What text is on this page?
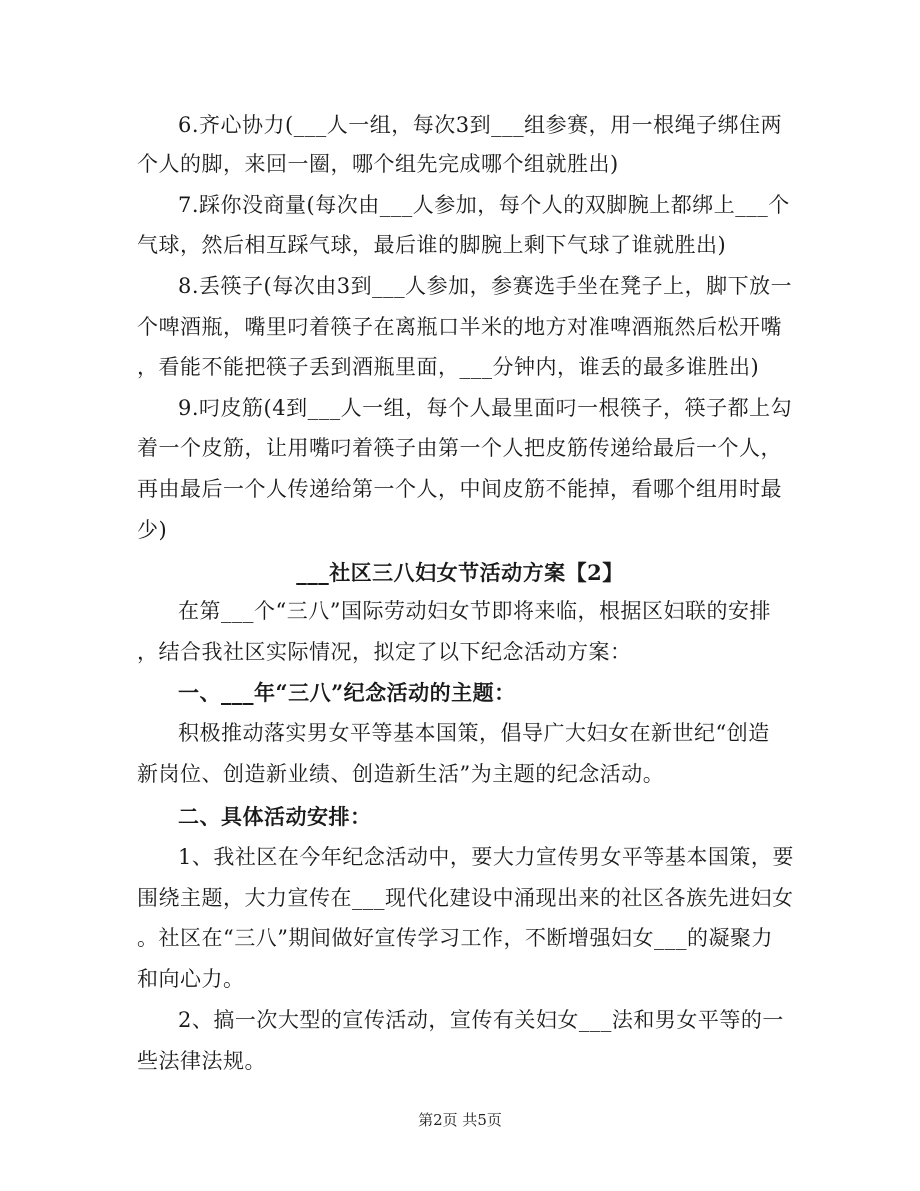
6.齐心协力(___人一组，每次3到___组参赛，用一根绳子绑住两
个人的脚，来回一圈，哪个组先完成哪个组就胜出)
7.踩你没商量(每次由___人参加，每个人的双脚腕上都绑上___个
气球，然后相互踩气球，最后谁的脚腕上剩下气球了谁就胜出)
8.丢筷子(每次由3到___人参加，参赛选手坐在凳子上，脚下放一
个啤酒瓶，嘴里叼着筷子在离瓶口半米的地方对准啤酒瓶然后松开嘴
，看能不能把筷子丢到酒瓶里面，___分钟内，谁丢的最多谁胜出)
9.叼皮筋(4到___人一组，每个人最里面叼一根筷子，筷子都上勾
着一个皮筋，让用嘴叼着筷子由第一个人把皮筋传递给最后一个人，
再由最后一个人传递给第一个人，中间皮筋不能掉，看哪个组用时最
少)
___社区三八妇女节活动方案【2】
在第___个“三八”国际劳动妇女节即将来临，根据区妇联的安排
，结合我社区实际情况，拟定了以下纪念活动方案：
一、___年“三八”纪念活动的主题：
积极推动落实男女平等基本国策，倡导广大妇女在新世纪“创造
新岗位、创造新业绩、创造新生活”为主题的纪念活动。
二、具体活动安排：
1、我社区在今年纪念活动中，要大力宣传男女平等基本国策，要
围绕主题，大力宣传在___现代化建设中涌现出来的社区各族先进妇女
。社区在“三八”期间做好宣传学习工作，不断增强妇女___的凝聚力
和向心力。
2、搞一次大型的宣传活动，宣传有关妇女___法和男女平等的一
些法律法规。
第2页 共5页
